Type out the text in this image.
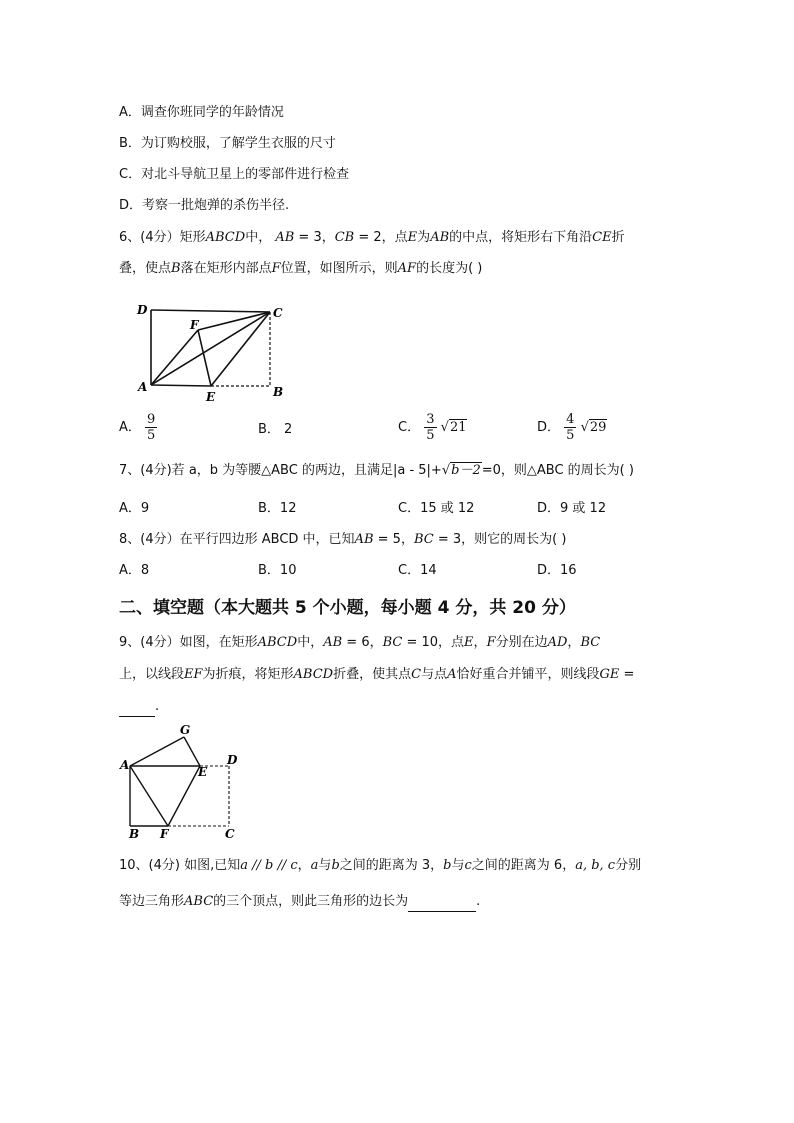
A．调查你班同学的年龄情况
B．为订购校服，了解学生衣服的尺寸
C．对北斗导航卫星上的零部件进行检查
D．考察一批炮弹的杀伤半径.
6、(4分）矩形ABCD中， AB = 3，CB = 2，点E为AB的中点，将矩形右下角沿CE折
叠，使点B落在矩形内部点F位置，如图所示，则AF的长度为( )
D	C
F
A
E	B
A． $\frac{9}{5}$	B． 2	C． $\frac{3}{5} √21$	D． $\frac{4}{5} √29$
7、(4分)若 a，b 为等腰△ABC 的两边，且满足|a - 5|+√b－2=0，则△ABC 的周长为( )
A．9	B．12	C．15 或 12	D．9 或 12
8、(4分）在平行四边形 ABCD 中，已知AB = 5，BC = 3，则它的周长为( )
A．8	B．10	C．14	D．16
二、填空题（本大题共 5 个小题，每小题 4 分，共 20 分）
9、(4分）如图，在矩形ABCD中，AB = 6，BC = 10，点E，F分别在边AD，BC
上，以线段EF为折痕，将矩形ABCD折叠，使其点C与点A恰好重合并铺平，则线段GE =
.
G
A	E
D
B F	C
10、(4分) 如图,已知a // b // c，a与b之间的距离为 3，b与c之间的距离为 6，a, b, c分别
等边三角形ABC的三个顶点，则此三角形的边长为	.
